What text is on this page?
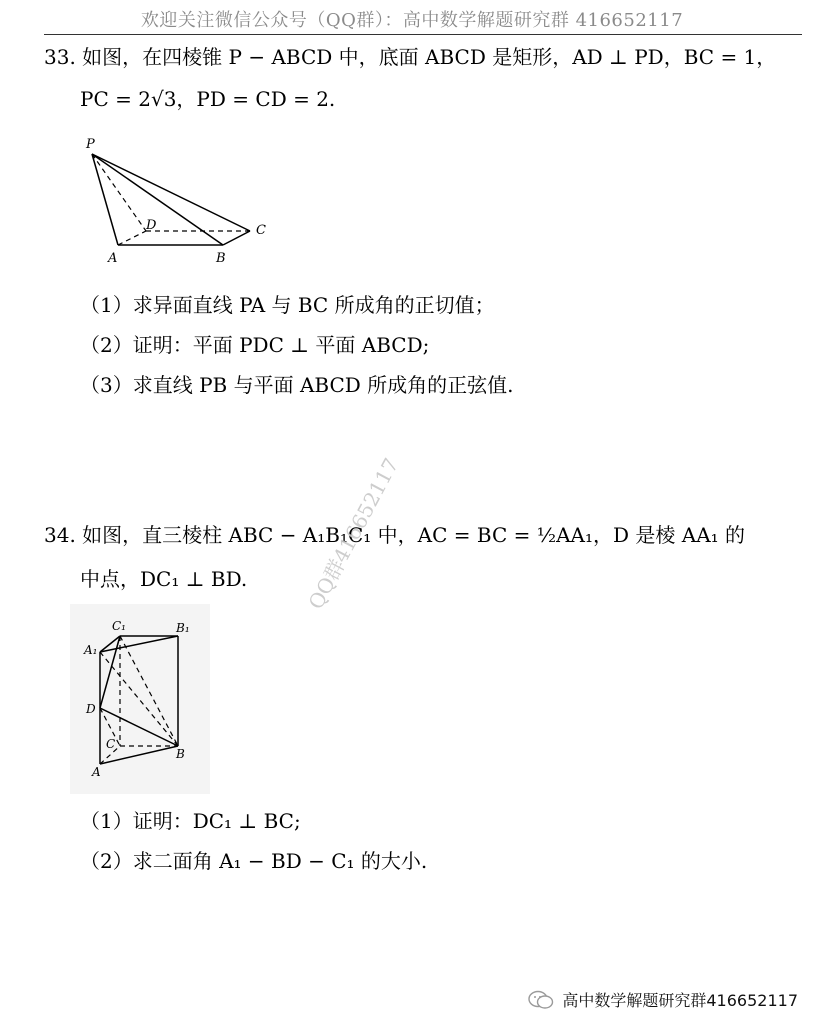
欢迎关注微信公众号（QQ群）：高中数学解题研究群 416652117
33. 如图，在四棱锥 P − ABCD 中，底面 ABCD 是矩形，AD ⊥ PD，BC = 1，
PC = 2√3，PD = CD = 2.
P
A	B
C
D
（1）求异面直线 PA 与 BC 所成角的正切值；
（2）证明：平面 PDC ⊥ 平面 ABCD;
（3）求直线 PB 与平面 ABCD 所成角的正弦值.
34. 如图，直三棱柱 ABC − A₁B₁C₁ 中，AC = BC = ½AA₁，D 是棱 AA₁ 的
中点，DC₁ ⊥ BD.	QQ群416652117
C₁	B₁
A₁
D
C
B
A
（1）证明：DC₁ ⊥ BC;
（2）求二面角 A₁ − BD − C₁ 的大小.
高中数学解题研究群416652117
